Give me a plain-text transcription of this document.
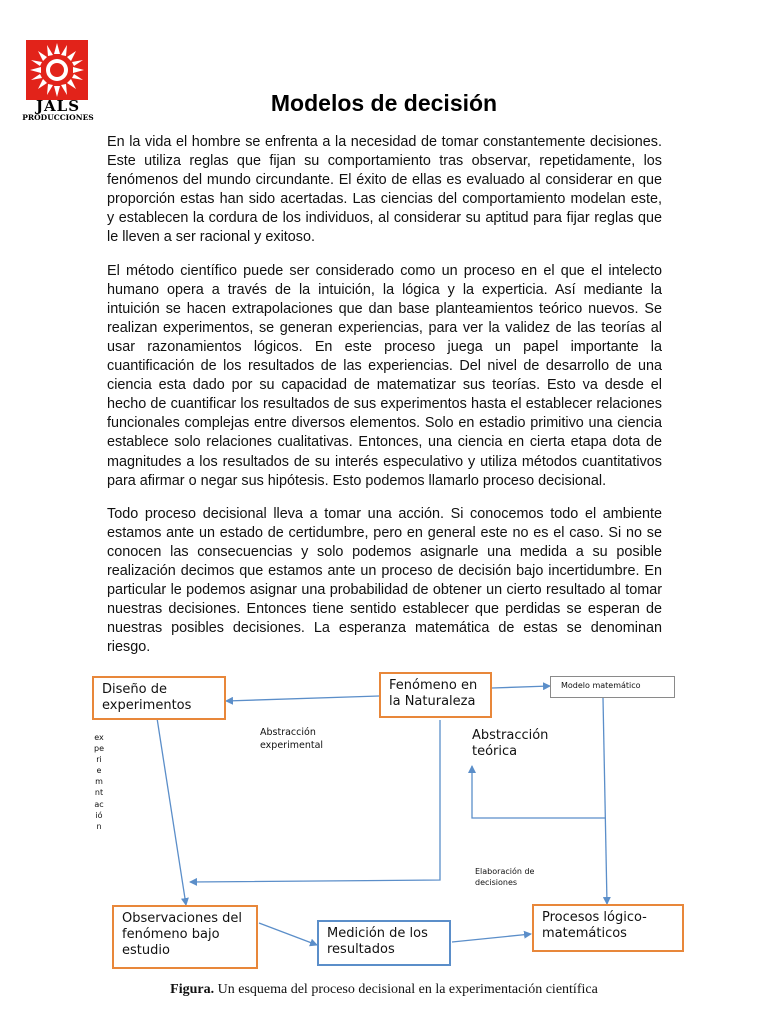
JALS
PRODUCCIONES
Modelos de decisión

En la vida el hombre se enfrenta a la necesidad de tomar constantemente decisiones. Este utiliza reglas que fijan su comportamiento tras observar, repetidamente, los fenómenos del mundo circundante. El éxito de ellas es evaluado al considerar en que proporción estas han sido acertadas. Las ciencias del comportamiento modelan este, y establecen la cordura de los individuos, al considerar su aptitud para fijar reglas que le lleven a ser racional y exitoso.

El método científico puede ser considerado como un proceso en el que el intelecto humano opera a través de la intuición, la lógica y la experticia. Así mediante la intuición se hacen extrapolaciones que dan base planteamientos teórico nuevos. Se realizan experimentos, se generan experiencias, para ver la validez de las teorías al usar razonamientos lógicos. En este proceso juega un papel importante la cuantificación de los resultados de las experiencias. Del nivel de desarrollo de una ciencia esta dado por su capacidad de matematizar sus teorías. Esto va desde el hecho de cuantificar los resultados de sus experimentos hasta el establecer relaciones funcionales complejas entre diversos elementos. Solo en estadio primitivo una ciencia establece solo relaciones cualitativas. Entonces, una ciencia en cierta etapa dota de magnitudes a los resultados de su interés especulativo y utiliza métodos cuantitativos para afirmar o negar sus hipótesis. Esto podemos llamarlo proceso decisional.

Todo proceso decisional lleva a tomar una acción. Si conocemos todo el ambiente estamos ante un estado de certidumbre, pero en general este no es el caso. Si no se conocen las consecuencias y solo podemos asignarle una medida a su posible realización decimos que estamos ante un proceso de decisión bajo incertidumbre. En particular le podemos asignar una probabilidad de obtener un cierto resultado al tomar nuestras decisiones. Entonces tiene sentido establecer que perdidas se esperan de nuestras posibles decisiones. La esperanza matemática de estas se denominan riesgo.

Diseño de experimentos
Fenómeno en la Naturaleza
Modelo matemático
Observaciones del fenómeno bajo estudio
Medición de los resultados
Procesos lógico-matemáticos
Abstracción experimental
Abstracción teórica
Elaboración de decisiones
experiemntación
Figura. Un esquema del proceso decisional en la experimentación científica
